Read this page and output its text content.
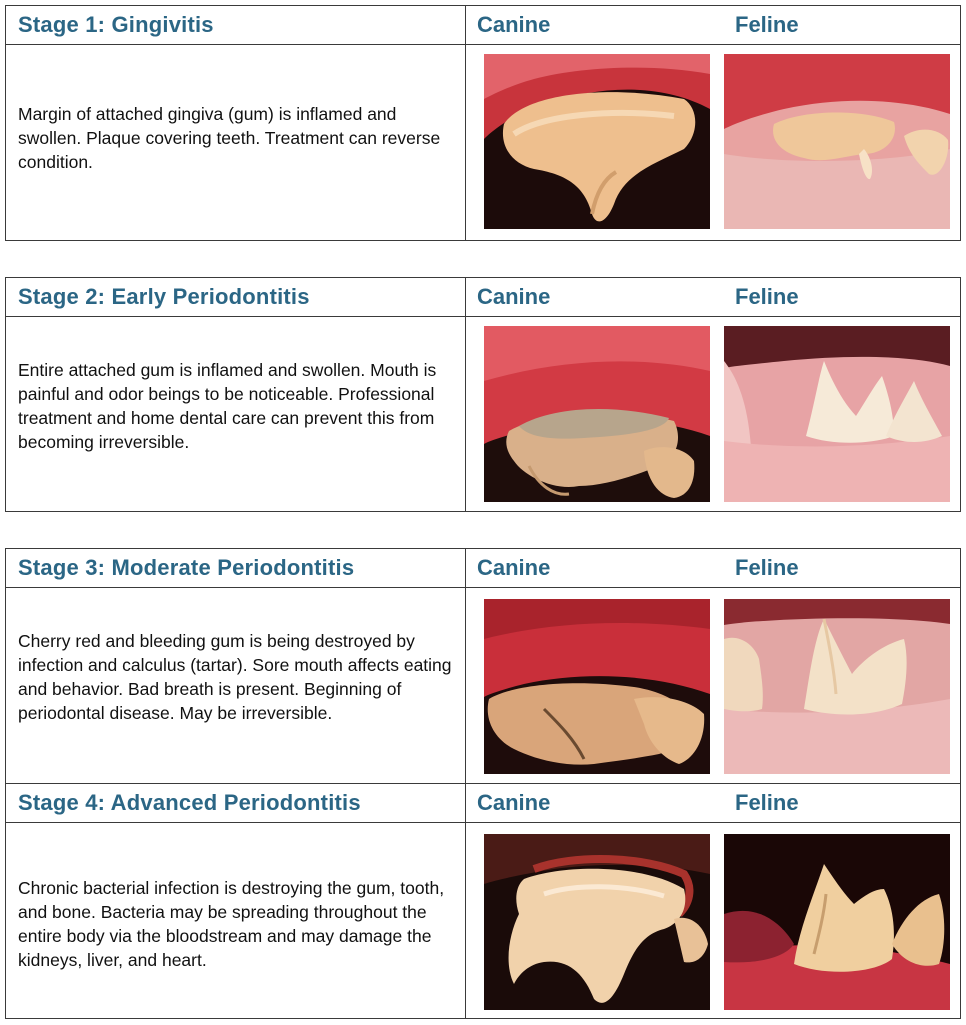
Stage 1: Gingivitis	Canine	Feline

Margin of attached gingiva (gum) is inflamed and swollen. Plaque covering teeth. Treatment can reverse condition.

Stage 2: Early Periodontitis	Canine	Feline

Entire attached gum is inflamed and swollen. Mouth is painful and odor beings to be noticeable. Professional treatment and home dental care can prevent this from becoming irreversible.

Stage 3: Moderate Periodontitis	Canine	Feline

Cherry red and bleeding gum is being destroyed by infection and calculus (tartar). Sore mouth affects eating and behavior. Bad breath is present. Beginning of periodontal disease. May be irreversible.

Stage 4: Advanced Periodontitis	Canine	Feline

Chronic bacterial infection is destroying the gum, tooth, and bone. Bacteria may be spreading throughout the entire body via the bloodstream and may damage the kidneys, liver, and heart.
